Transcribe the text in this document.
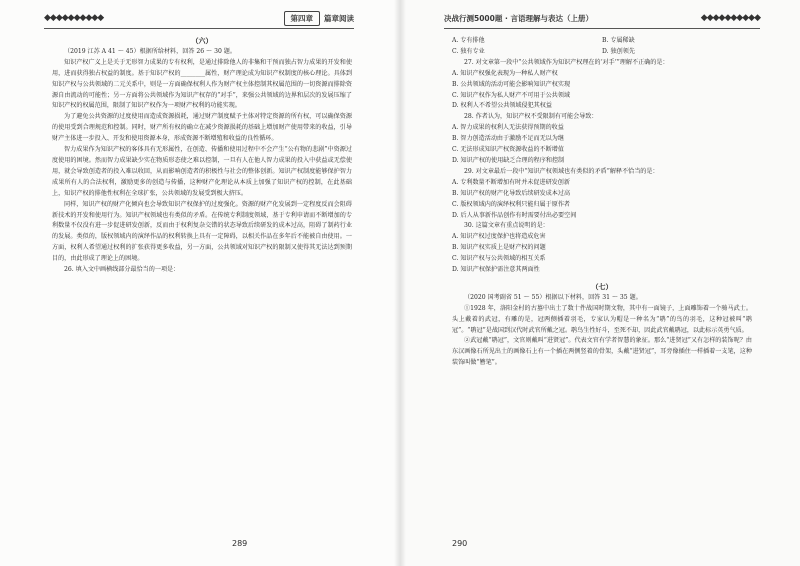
◆◆◆◆◆◆◆◆◆◆	第四章	篇章阅读

（六）

（2019 江苏 A 41 ～ 45）根据所给材料，回答 26 ～ 30 题。

知识产权广义上是关于无形智力成果的专有权利，是通过排除他人的非集和干预而独占智力成果的开发和使用，进而获得独占权益的制度。基于知识产权的________属性，财产理论成为知识产权制度的核心理论。具体到知识产权与公共领域的二元关系中，则是一方面确保权利人作为财产权主体控制其权属范围的一切资源而排除资源自由流动的可能性；另一方面将公共领域作为知识产权存的“对手”，来强公共领域的边界和层次的发展压缩了知识产权的权属范围，限制了知识产权作为一项财产权利的功能实现。

为了避免公共资源的过度使用而造成资源损耗，通过财产制度赋予主体对特定资源的所有权，可以确保资源的使用受到合理规范和控制。同时，财产所有权的确立在减少资源损耗的基础上增加财产使用带来的收益，引导财产主体进一步投入、开发和使用资源本身，形成资源不断增殖和收益的良性循环。

智力成果作为知识产权的客体具有无形属性，在创造、传播和使用过程中不会产生“公有物的悲剧”中资源过度使用的困境。然而智力成果缺少实在物质形态使之难以控制，一旦有人在他人智力成果的投入中获益或无偿使用，就会导致创造者的投入难以收回，从而影响创造者的积极性与社会的整体创新。知识产权制度能够保护智力成果所有人的合法权利，激励更多的创造与传播，这种财产化理论从本质上加强了知识产权的控制，在此基础上，知识产权的排他性权利在全球扩张，公共领域的发展受到极大挤压。

同样，知识产权的财产化倾向也会导致知识产权保护的过度强化。资源的财产化发展到一定程度反而会阻碍新技术的开发和使用行为。知识产权领域也有类似的矛盾。在传统专利制度领域，基于专利申请而不断增加的专利数量不仅没有进一步促进研发创新，反而由于权利复杂交错的状态导致后续研发的成本过高，阻碍了制药行业的发展。类似的，版权领域内的演绎作品的权利转换上具有一定障碍，以相关作品在多年后不能被自由使用。一方面，权利人希望通过权利的扩张获得更多收益，另一方面，公共领域对知识产权的限制又使得其无法达到预期目的，由此形成了理论上的困境。

26. 填入文中画横线部分最恰当的一项是：

289
决战行测5000题 · 言语理解与表达（上册）	◆◆◆◆◆◆◆◆◆◆
A. 专有排他	B. 专属稀缺
C. 独有专业	D. 独创领先

27. 对文章第一段中“公共领域作为知识产权理在的‘对手’”理解不正确的是：

A. 知识产权强化表现为一种私人财产权

B. 公共领域的活动可能会影响知识产权实现

C. 知识产权作为私人财产不可用于公共领域

D. 权利人不希望公共领域侵犯其权益

28. 作者认为，知识产权不受限制有可能会导致：

A. 智力成果的权利人无法获得预期的收益

B. 智力创造活动由于激励不足而无以为继

C. 无法形成知识产权资源收益的不断增值

D. 知识产权的使用缺乏合理的程序和控制

29. 对文章最后一段中“知识产权领域也有类似的矛盾”解释不恰当的是：

A. 专利数量不断增加有时并未促进研发创新

B. 知识产权的财产化导致后续研发成本过高

C. 版权领域内的演绎权利只能归属于原作者

D. 后人从事新作品创作有时需要付出必要空间

30. 这篇文章有重点说明的是：

A. 知识产权过度保护也将造成危害

B. 知识产权实质上是财产权的问题

C. 知识产权与公共领域的相互关系

D. 知识产权保护需注意其两面性

（七）

（2020 国考副省 51 ～ 55）根据以下材料，回答 31 ～ 35 题。

①1928 年，洛阳金村的古墓中出土了数十件战国时期文物，其中有一面镜子，上面雕饰着一个骑马武士。头上戴着的武冠，有雕的是，冠两侧插着羽毛，专家认为帽是一种名为“鹖”的鸟的羽毛，这种冠被叫“鹖冠”。“鹖冠”是战国到汉代时武官所戴之冠。鹖鸟生性好斗，至死不却，因此武官戴鹖冠，以此标示英勇气质。

②武冠戴“鹖冠”，文官则戴叫“进贤冠”。代表文官有学者智慧的象征。那么“进贤冠”又有怎样的装饰呢？由东汉画像石所见出土的画像石上有一个插在两侧竖着的骨架，头戴“进贤冠”，耳旁像插住一样插着一支笔，这种装饰叫做“簪笔”。

290
